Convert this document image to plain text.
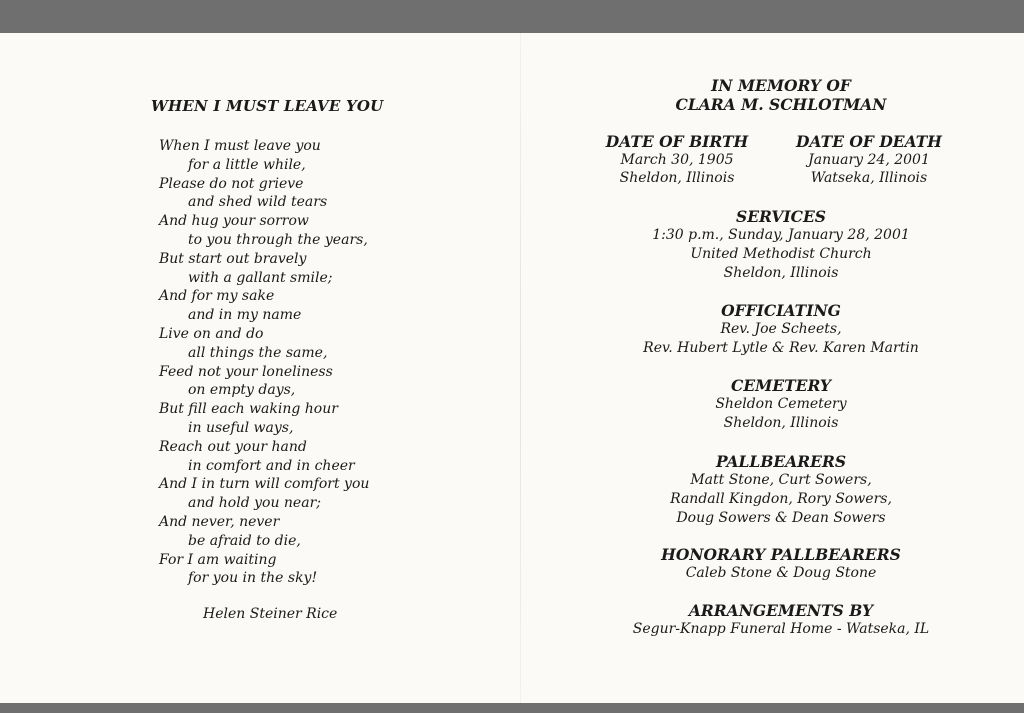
WHEN I MUST LEAVE YOU
When I must leave you
for a little while,
Please do not grieve
and shed wild tears
And hug your sorrow
to you through the years,
But start out bravely
with a gallant smile;
And for my sake
and in my name
Live on and do
all things the same,
Feed not your loneliness
on empty days,
But fill each waking hour
in useful ways,
Reach out your hand
in comfort and in cheer
And I in turn will comfort you
and hold you near;
And never, never
be afraid to die,
For I am waiting
for you in the sky!
Helen Steiner Rice
IN MEMORY OF
CLARA M. SCHLOTMAN
DATE OF BIRTH
March 30, 1905
Sheldon, Illinois
DATE OF DEATH
January 24, 2001
Watseka, Illinois
SERVICES
1:30 p.m., Sunday, January 28, 2001
United Methodist Church
Sheldon, Illinois
OFFICIATING
Rev. Joe Scheets,
Rev. Hubert Lytle & Rev. Karen Martin
CEMETERY
Sheldon Cemetery
Sheldon, Illinois
PALLBEARERS
Matt Stone, Curt Sowers,
Randall Kingdon, Rory Sowers,
Doug Sowers & Dean Sowers
HONORARY PALLBEARERS
Caleb Stone & Doug Stone
ARRANGEMENTS BY
Segur-Knapp Funeral Home - Watseka, IL
